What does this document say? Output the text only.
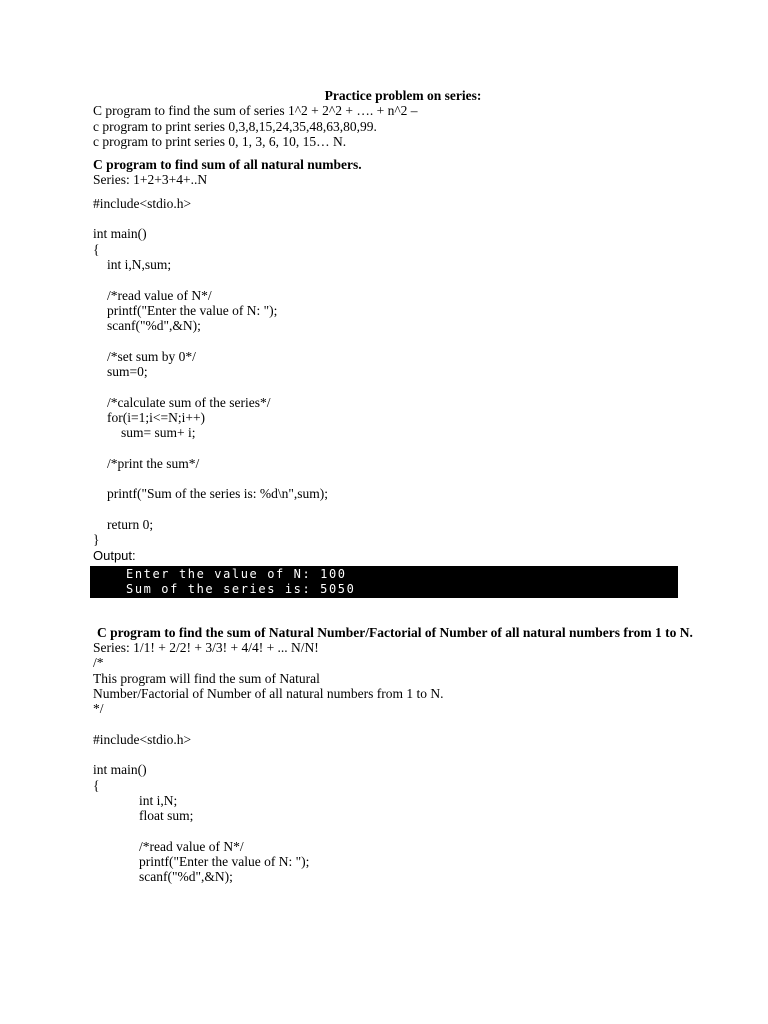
Practice problem on series:
C program to find the sum of series 1^2 + 2^2 + …. + n^2 –
c program to print series 0,3,8,15,24,35,48,63,80,99.
c program to print series 0, 1, 3, 6, 10, 15… N.
C program to find sum of all natural numbers.
Series: 1+2+3+4+..N
#include<stdio.h>
int main()
{
int i,N,sum;
/*read value of N*/
printf("Enter the value of N: ");
scanf("%d",&N);
/*set sum by 0*/
sum=0;
/*calculate sum of the series*/
for(i=1;i<=N;i++)
sum= sum+ i;
/*print the sum*/
printf("Sum of the series is: %d\n",sum);
return 0;
}
Output:
Enter the value of N: 100
Sum of the series is: 5050
C program to find the sum of Natural Number/Factorial of Number of all natural numbers from 1 to N.
Series: 1/1! + 2/2! + 3/3! + 4/4! + ... N/N!
/*
This program will find the sum of Natural
Number/Factorial of Number of all natural numbers from 1 to N.
*/
#include<stdio.h>
int main()
{
int i,N;
float sum;
/*read value of N*/
printf("Enter the value of N: ");
scanf("%d",&N);
